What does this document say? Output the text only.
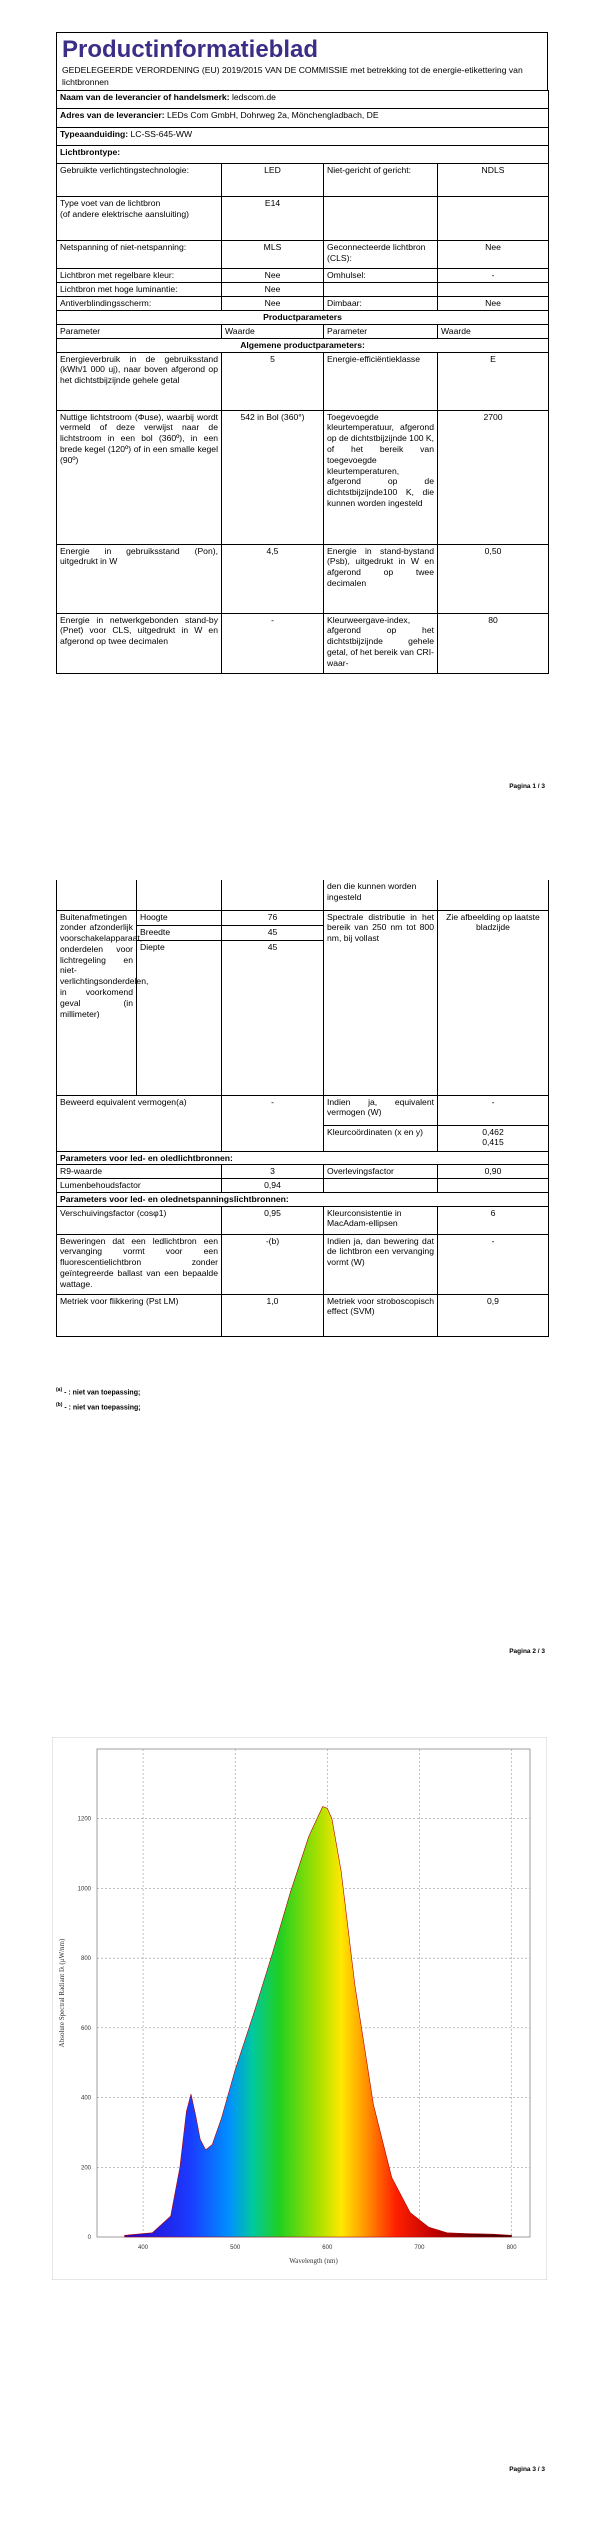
Productinformatieblad
GEDELEGEERDE VERORDENING (EU) 2019/2015 VAN DE COMMISSIE met betrekking tot de energie-etikettering van lichtbronnen
Naam van de leverancier of handelsmerk: ledscom.de			
Adres van de leverancier: LEDs Com GmbH, Dohrweg 2a, Mönchengladbach, DE			
Typeaanduiding: LC-SS-645-WW			
Lichtbrontype:			
Gebruikte verlichtingstechnologie:	LED	Niet-gericht of gericht:	NDLS
Type voet van de lichtbron
(of andere elektrische aansluiting)	E14		
Netspanning of niet-netspanning:	MLS	Geconnecteerde lichtbron (CLS):	Nee
Lichtbron met regelbare kleur:	Nee	Omhulsel:	-
Lichtbron met hoge luminantie:	Nee		
Antiverblindingsscherm:	Nee	Dimbaar:	Nee
Productparameters			
Parameter	Waarde	Parameter	Waarde
Algemene productparameters:			
Energieverbruik in de gebruiksstand (kWh/1 000 uj), naar boven afgerond op het dichtstbijzijnde gehele getal	5	Energie-efficiëntieklasse	E
Nuttige lichtstroom (Φuse), waarbij wordt vermeld of deze verwijst naar de lichtstroom in een bol (360º), in een brede kegel (120º) of in een smalle kegel (90º)	542 in Bol (360°)	Toegevoegde kleurtemperatuur, afgerond op de dichtstbijzijnde 100 K, of het bereik van toegevoegde kleurtemperaturen, afgerond op de dichtstbijzijnde100 K, die kunnen worden ingesteld	2700
Energie in gebruiksstand (Pon), uitgedrukt in W	4,5	Energie in stand-bystand (Psb), uitgedrukt in W en afgerond op twee decimalen	0,50
Energie in netwerkgebonden stand-by (Pnet) voor CLS, uitgedrukt in W en afgerond op twee decimalen	-	Kleurweergave-index, afgerond op het dichtstbijzijnde gehele getal, of het bereik van CRI-waar-	80
Pagina 1 / 3
			den die kunnen worden ingesteld	
Buitenafmetingen zonder afzonderlijk voorschakelapparaat, onderdelen voor lichtregeling en niet-verlichtingsonderdelen, in voorkomend geval (in millimeter)	Hoogte	76	Spectrale distributie in het bereik van 250 nm tot 800 nm, bij vollast	Zie afbeelding op laatste bladzijde
	Breedte	45		
	Diepte	45		
Beweerd equivalent vermogen(a)		-	Indien ja, equivalent vermogen (W)	-
			Kleurcoördinaten (x en y)	0,462
0,415

Parameters voor led- en oledlichtbronnen:				
R9-waarde		3	Overlevingsfactor	0,90
Lumenbehoudsfactor		0,94		
Parameters voor led- en olednetspanningslichtbronnen:				
Verschuivingsfactor (cosφ1)		0,95	Kleurconsistentie in MacAdam-ellipsen	6
Beweringen dat een ledlichtbron een vervanging vormt voor een fluorescentielichtbron zonder geïntegreerde ballast van een bepaalde wattage.		-(b)	Indien ja, dan bewering dat de lichtbron een vervanging vormt (W)	-
Metriek voor flikkering (Pst LM)		1,0	Metriek voor stroboscopisch effect (SVM)	0,9
$^{(a)}$ - : niet van toepassing;
$^{(b)}$ - : niet van toepassing;
Pagina 2 / 3
400	500	600	700	800
0
200
400
600
800
1000
1200
Wavelength (nm)
Absolute Spectral Radiant Iλ (μW/nm)
Pagina 3 / 3
